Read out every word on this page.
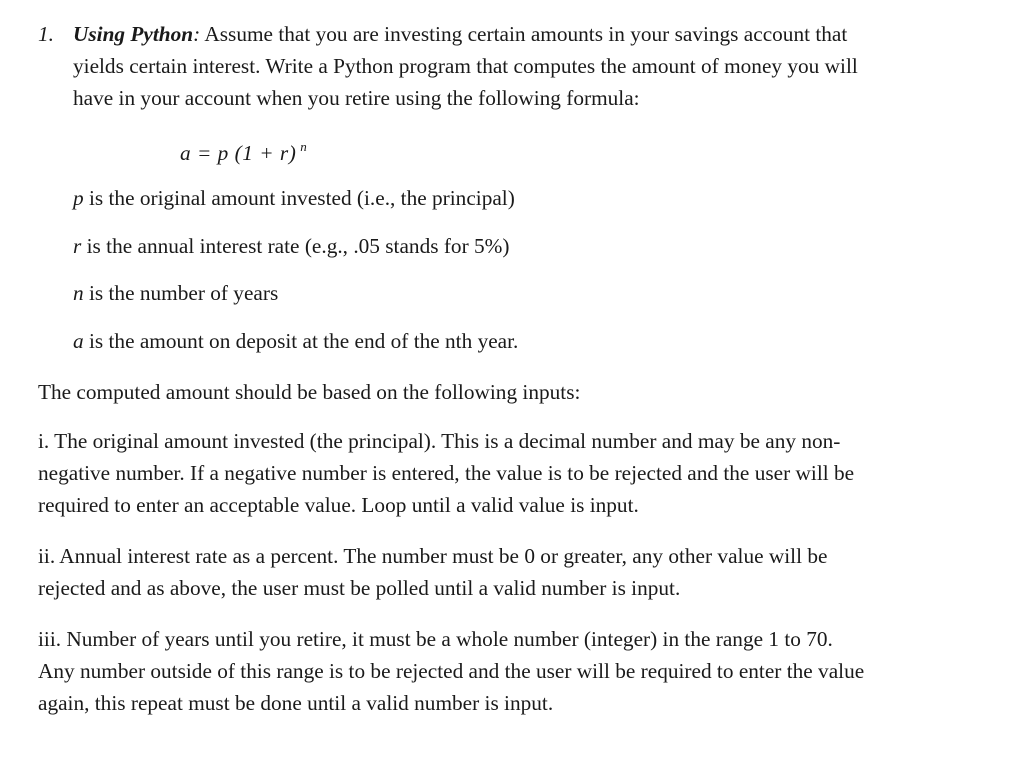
1. Using Python: Assume that you are investing certain amounts in your savings account that
yields certain interest. Write a Python program that computes the amount of money you will
have in your account when you retire using the following formula:
a = p (1 + r) $^n$
p is the original amount invested (i.e., the principal)
r is the annual interest rate (e.g., .05 stands for 5%)
n is the number of years
a is the amount on deposit at the end of the nth year.
The computed amount should be based on the following inputs:
i. The original amount invested (the principal). This is a decimal number and may be any non-
negative number. If a negative number is entered, the value is to be rejected and the user will be
required to enter an acceptable value. Loop until a valid value is input.
ii. Annual interest rate as a percent. The number must be 0 or greater, any other value will be
rejected and as above, the user must be polled until a valid number is input.
iii. Number of years until you retire, it must be a whole number (integer) in the range 1 to 70.
Any number outside of this range is to be rejected and the user will be required to enter the value
again, this repeat must be done until a valid number is input.
